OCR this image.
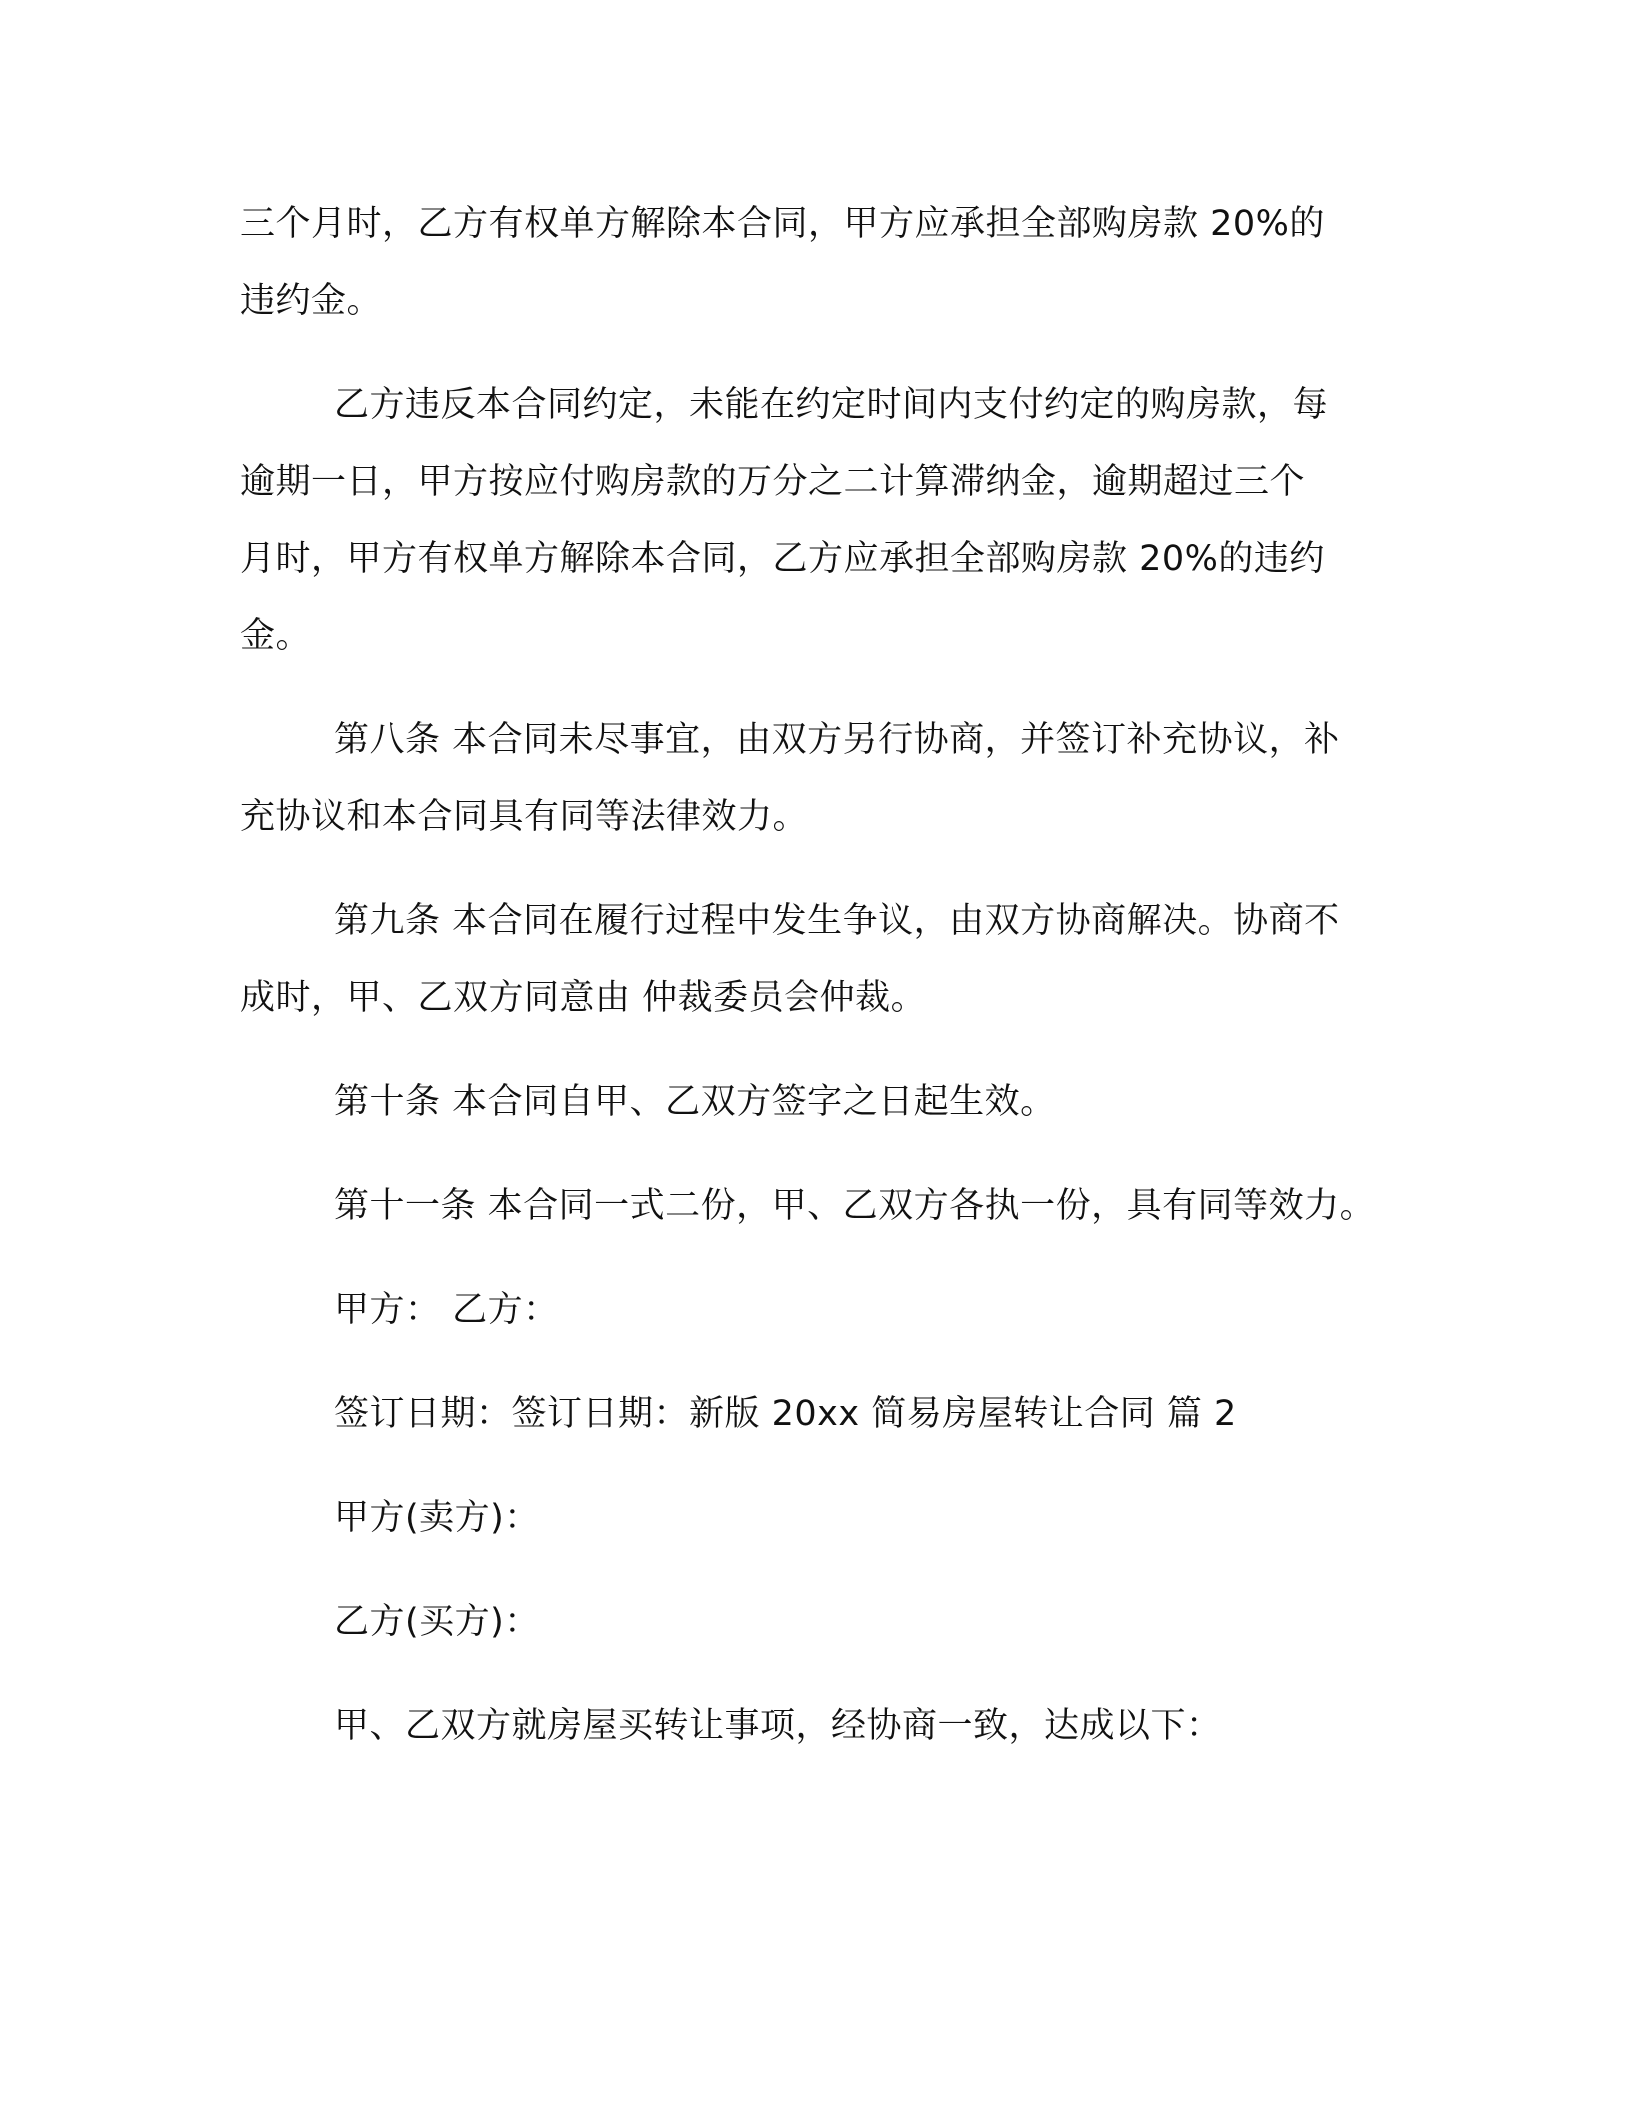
三个月时，乙方有权单方解除本合同，甲方应承担全部购房款 20%的
违约金。

乙方违反本合同约定，未能在约定时间内支付约定的购房款，每
逾期一日，甲方按应付购房款的万分之二计算滞纳金，逾期超过三个
月时，甲方有权单方解除本合同，乙方应承担全部购房款 20%的违约
金。

第八条 本合同未尽事宜，由双方另行协商，并签订补充协议，补
充协议和本合同具有同等法律效力。

第九条 本合同在履行过程中发生争议，由双方协商解决。协商不
成时，甲、乙双方同意由 仲裁委员会仲裁。

第十条 本合同自甲、乙双方签字之日起生效。

第十一条 本合同一式二份，甲、乙双方各执一份，具有同等效力。

甲方： 乙方：

签订日期：签订日期：新版 20xx 简易房屋转让合同 篇 2

甲方(卖方)：

乙方(买方)：

甲、乙双方就房屋买转让事项，经协商一致，达成以下：
